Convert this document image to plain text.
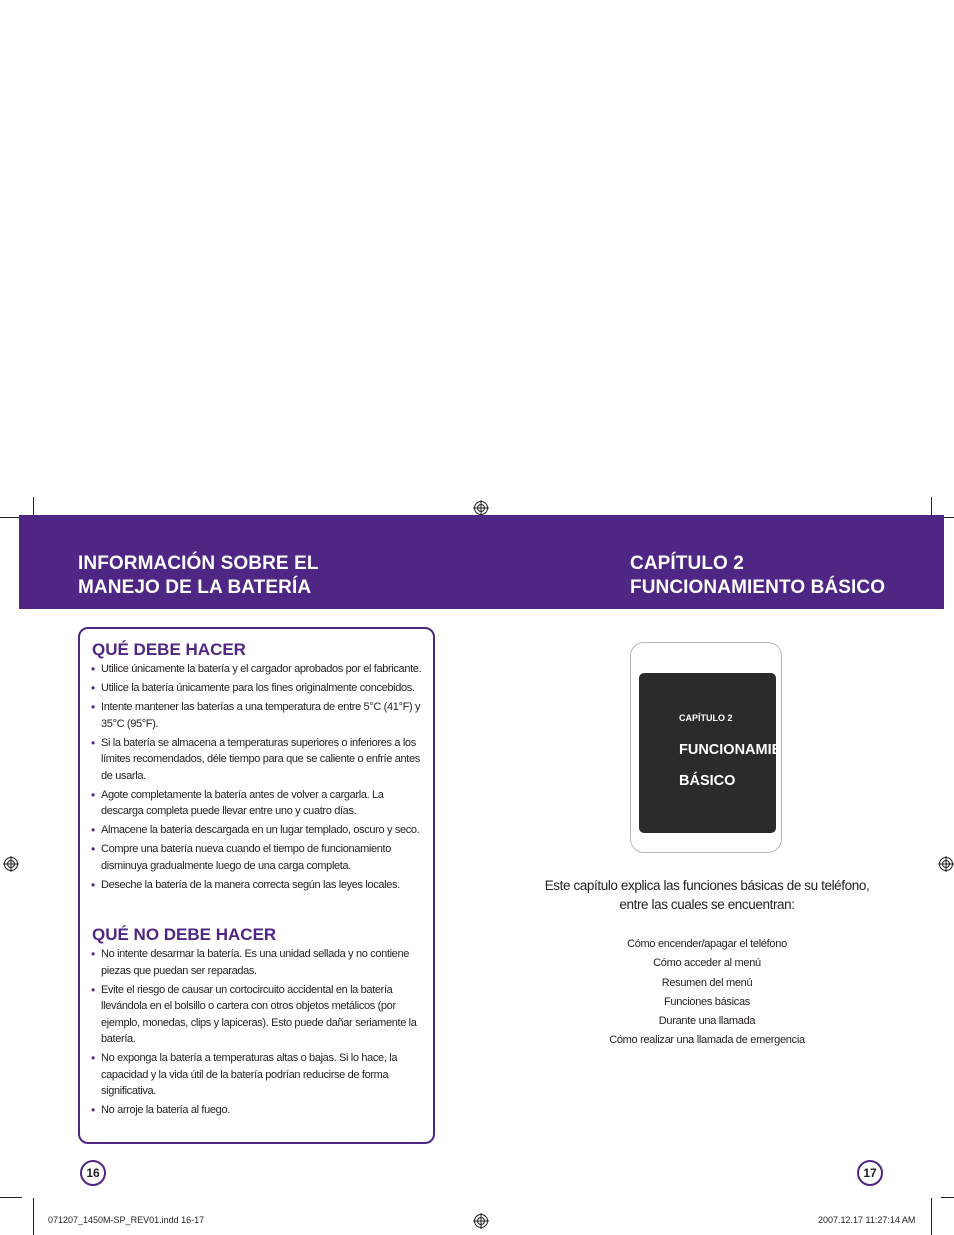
INFORMACIÓN SOBRE EL
MANEJO DE LA BATERÍA
CAPÍTULO 2
FUNCIONAMIENTO BÁSICO
QUÉ DEBE HACER
• Utilice únicamente la batería y el cargador aprobados por el fabricante.
• Utilice la batería únicamente para los fines originalmente concebidos.
• Intente mantener las baterías a una temperatura de entre 5°C (41°F) y 35°C (95°F).
• Si la batería se almacena a temperaturas superiores o inferiores a los límites recomendados, déle tiempo para que se caliente o enfríe antes de usarla.
• Agote completamente la batería antes de volver a cargarla. La descarga completa puede llevar entre uno y cuatro días.
• Almacene la batería descargada en un lugar templado, oscuro y seco.
• Compre una batería nueva cuando el tiempo de funcionamiento disminuya gradualmente luego de una carga completa.
• Deseche la batería de la manera correcta según las leyes locales.
QUÉ NO DEBE HACER
• No intente desarmar la batería. Es una unidad sellada y no contiene piezas que puedan ser reparadas.
• Evite el riesgo de causar un cortocircuito accidental en la batería llevándola en el bolsillo o cartera con otros objetos metálicos (por ejemplo, monedas, clips y lapiceras). Esto puede dañar seriamente la batería.
• No exponga la batería a temperaturas altas o bajas. Si lo hace, la capacidad y la vida útil de la batería podrían reducirse de forma significativa.
• No arroje la batería al fuego.
CAPÍTULO 2
FUNCIONAMIENTO
BÁSICO
Este capítulo explica las funciones básicas de su teléfono,
entre las cuales se encuentran:
Cómo encender/apagar el teléfono
Cómo acceder al menú
Resumen del menú
Funciones básicas
Durante una llamada
Cómo realizar una llamada de emergencia
16	17
071207_1450M-SP_REV01.indd 16-17	2007.12.17 11:27:14 AM
